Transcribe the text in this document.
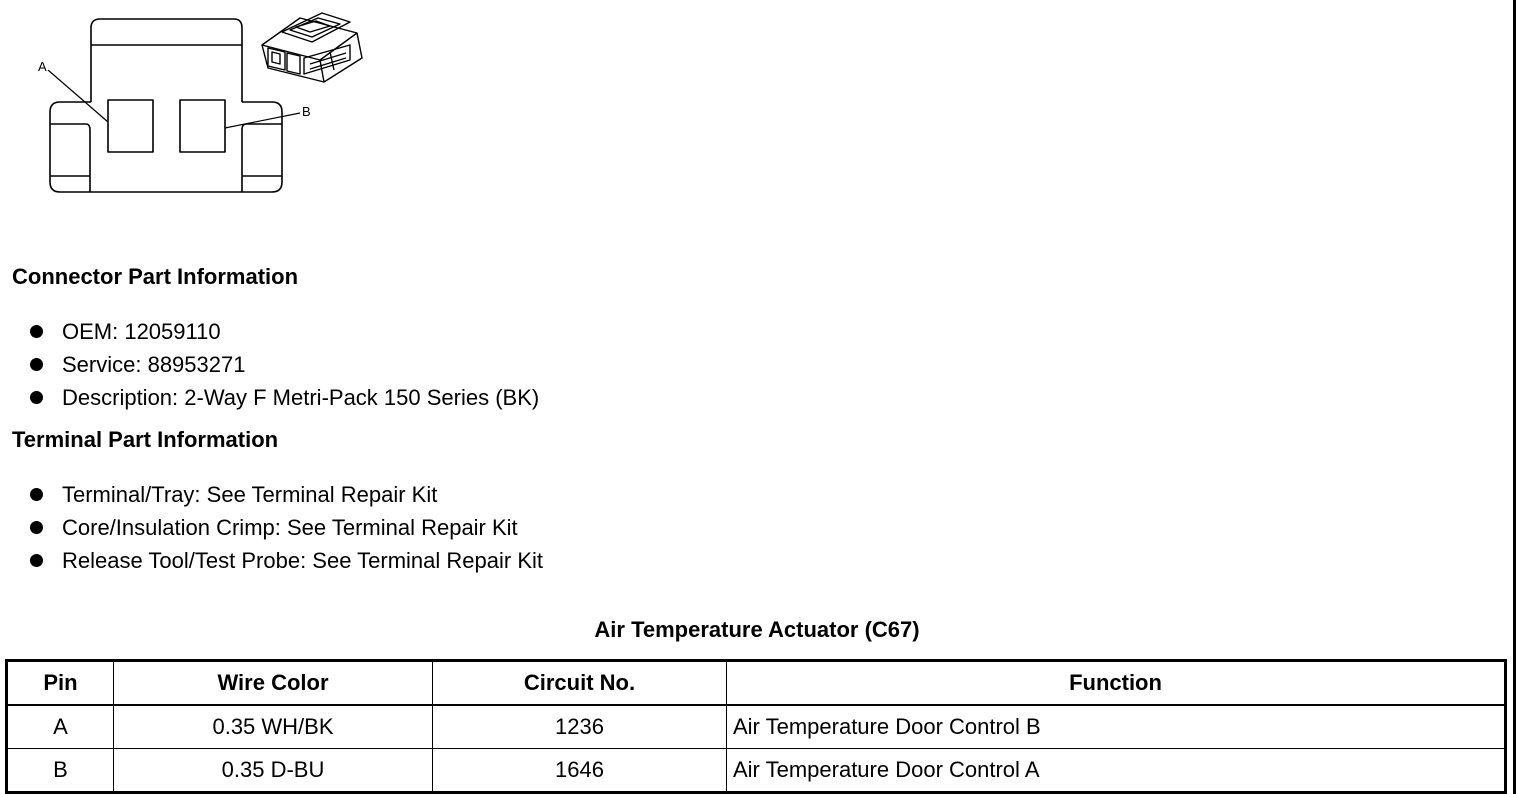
A
B
Connector Part Information
OEM: 12059110
Service: 88953271
Description: 2-Way F Metri-Pack 150 Series (BK)
Terminal Part Information
Terminal/Tray: See Terminal Repair Kit
Core/Insulation Crimp: See Terminal Repair Kit
Release Tool/Test Probe: See Terminal Repair Kit
Air Temperature Actuator (C67)
Pin	Wire Color	Circuit No.	Function
A	0.35 WH/BK	1236	Air Temperature Door Control B
B	0.35 D-BU	1646	Air Temperature Door Control A
